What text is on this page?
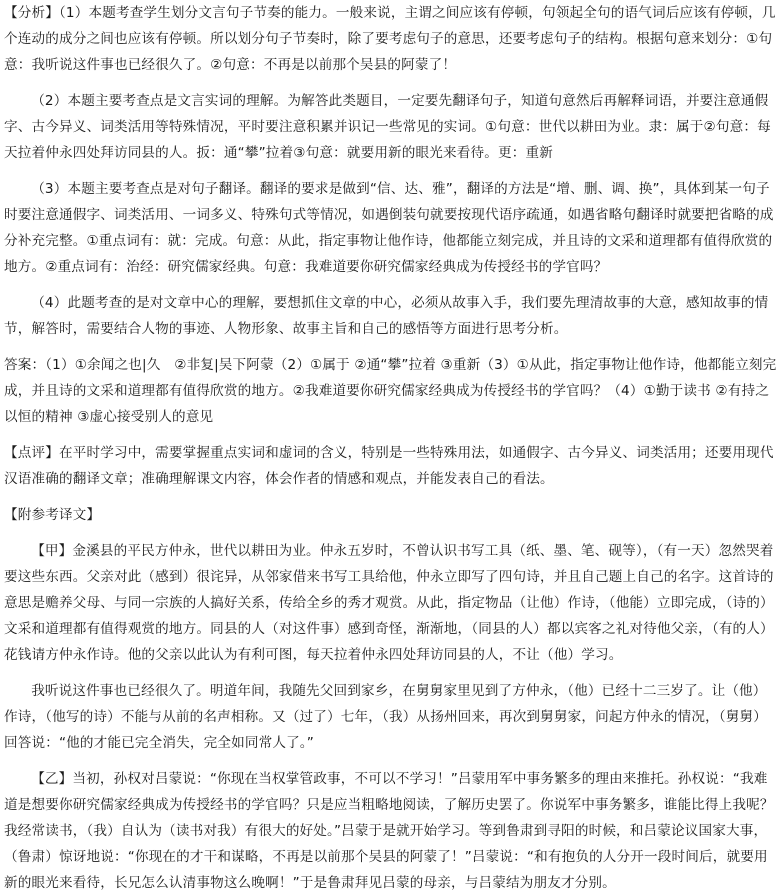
【分析】（1）本题考查学生划分文言句子节奏的能力。一般来说，主谓之间应该有停顿，句领起全句的语气词后应该有停顿，几个连动的成分之间也应该有停顿。所以划分句子节奏时，除了要考虑句子的意思，还要考虑句子的结构。根据句意来划分：①句意：我听说这件事也已经很久了。②句意：不再是以前那个吴县的阿蒙了！

（2）本题主要考查点是文言实词的理解。为解答此类题目，一定要先翻译句子，知道句意然后再解释词语，并要注意通假字、古今异义、词类活用等特殊情况，平时要注意积累并识记一些常见的实词。①句意：世代以耕田为业。隶：属于②句意：每天拉着仲永四处拜访同县的人。扳：通“攀”拉着③句意：就要用新的眼光来看待。更：重新

（3）本题主要考查点是对句子翻译。翻译的要求是做到“信、达、雅”，翻译的方法是“增、删、调、换”，具体到某一句子时要注意通假字、词类活用、一词多义、特殊句式等情况，如遇倒装句就要按现代语序疏通，如遇省略句翻译时就要把省略的成分补充完整。①重点词有：就：完成。句意：从此，指定事物让他作诗，他都能立刻完成，并且诗的文采和道理都有值得欣赏的地方。②重点词有：治经：研究儒家经典。句意：我难道要你研究儒家经典成为传授经书的学官吗？

（4）此题考查的是对文章中心的理解，要想抓住文章的中心，必须从故事入手，我们要先理清故事的大意，感知故事的情节，解答时，需要结合人物的事迹、人物形象、故事主旨和自己的感悟等方面进行思考分析。

答案：（1）①余闻之也|久　②非复|吴下阿蒙（2）①属于 ②通“攀”拉着 ③重新（3）①从此，指定事物让他作诗，他都能立刻完成，并且诗的文采和道理都有值得欣赏的地方。②我难道要你研究儒家经典成为传授经书的学官吗？（4）①勤于读书 ②有持之以恒的精神 ③虚心接受别人的意见

【点评】在平时学习中，需要掌握重点实词和虚词的含义，特别是一些特殊用法，如通假字、古今异义、词类活用；还要用现代汉语准确的翻译文章；准确理解课文内容，体会作者的情感和观点，并能发表自己的看法。

【附参考译文】

【甲】金溪县的平民方仲永，世代以耕田为业。仲永五岁时，不曾认识书写工具（纸、墨、笔、砚等），（有一天）忽然哭着要这些东西。父亲对此（感到）很诧异，从邻家借来书写工具给他，仲永立即写了四句诗，并且自己题上自己的名字。这首诗的意思是赡养父母、与同一宗族的人搞好关系，传给全乡的秀才观赏。从此，指定物品（让他）作诗，（他能）立即完成，（诗的）文采和道理都有值得观赏的地方。同县的人（对这件事）感到奇怪，渐渐地，（同县的人）都以宾客之礼对待他父亲，（有的人）花钱请方仲永作诗。他的父亲以此认为有利可图，每天拉着仲永四处拜访同县的人，不让（他）学习。

我听说这件事也已经很久了。明道年间，我随先父回到家乡，在舅舅家里见到了方仲永，（他）已经十二三岁了。让（他）作诗，（他写的诗）不能与从前的名声相称。又（过了）七年，（我）从扬州回来，再次到舅舅家，问起方仲永的情况，（舅舅）回答说：“他的才能已完全消失，完全如同常人了。”

【乙】当初，孙权对吕蒙说：“你现在当权掌管政事，不可以不学习！”吕蒙用军中事务繁多的理由来推托。孙权说：“我难道是想要你研究儒家经典成为传授经书的学官吗？只是应当粗略地阅读，了解历史罢了。你说军中事务繁多，谁能比得上我呢？我经常读书，（我）自认为（读书对我）有很大的好处。”吕蒙于是就开始学习。等到鲁肃到寻阳的时候，和吕蒙论议国家大事，（鲁肃）惊讶地说：“你现在的才干和谋略，不再是以前那个吴县的阿蒙了！”吕蒙说：“和有抱负的人分开一段时间后，就要用新的眼光来看待，长兄怎么认清事物这么晚啊！”于是鲁肃拜见吕蒙的母亲，与吕蒙结为朋友才分别。
